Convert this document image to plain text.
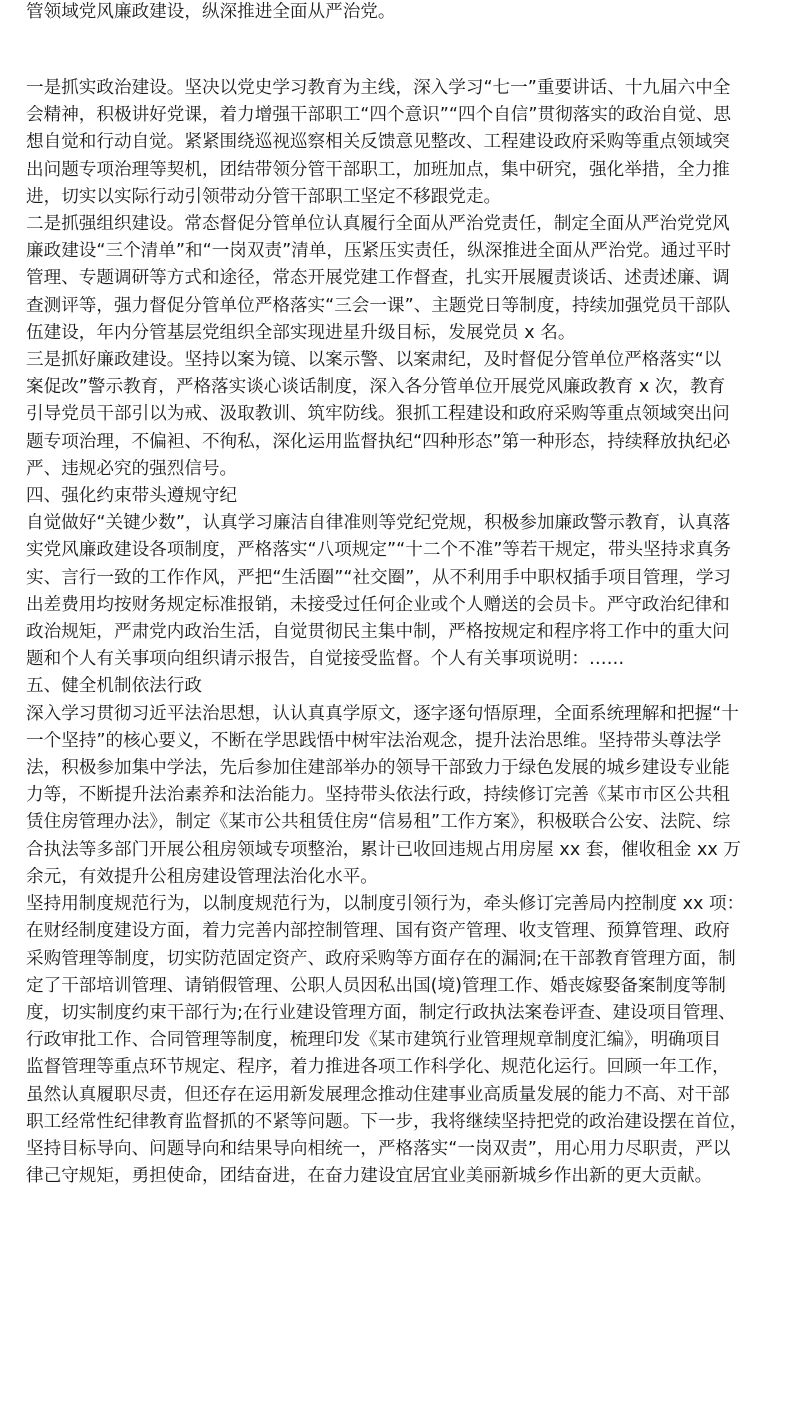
管领域党风廉政建设，纵深推进全面从严治党。
一是抓实政治建设。坚决以党史学习教育为主线，深入学习“七一”重要讲话、十九届六中全
会精神，积极讲好党课，着力增强干部职工“四个意识”“四个自信”贯彻落实的政治自觉、思
想自觉和行动自觉。紧紧围绕巡视巡察相关反馈意见整改、工程建设政府采购等重点领域突
出问题专项治理等契机，团结带领分管干部职工，加班加点，集中研究，强化举措，全力推
进，切实以实际行动引领带动分管干部职工坚定不移跟党走。
二是抓强组织建设。常态督促分管单位认真履行全面从严治党责任，制定全面从严治党党风
廉政建设“三个清单”和“一岗双责”清单，压紧压实责任，纵深推进全面从严治党。通过平时
管理、专题调研等方式和途径，常态开展党建工作督查，扎实开展履责谈话、述责述廉、调
查测评等，强力督促分管单位严格落实“三会一课”、主题党日等制度，持续加强党员干部队
伍建设，年内分管基层党组织全部实现进星升级目标，发展党员 x 名。
三是抓好廉政建设。坚持以案为镜、以案示警、以案肃纪，及时督促分管单位严格落实“以
案促改”警示教育，严格落实谈心谈话制度，深入各分管单位开展党风廉政教育 x 次，教育
引导党员干部引以为戒、汲取教训、筑牢防线。狠抓工程建设和政府采购等重点领域突出问
题专项治理，不偏袒、不徇私，深化运用监督执纪“四种形态”第一种形态，持续释放执纪必
严、违规必究的强烈信号。
四、强化约束带头遵规守纪
自觉做好“关键少数”，认真学习廉洁自律准则等党纪党规，积极参加廉政警示教育，认真落
实党风廉政建设各项制度，严格落实“八项规定”“十二个不准”等若干规定，带头坚持求真务
实、言行一致的工作作风，严把“生活圈”“社交圈”，从不利用手中职权插手项目管理，学习
出差费用均按财务规定标准报销，未接受过任何企业或个人赠送的会员卡。严守政治纪律和
政治规矩，严肃党内政治生活，自觉贯彻民主集中制，严格按规定和程序将工作中的重大问
题和个人有关事项向组织请示报告，自觉接受监督。个人有关事项说明：……
五、健全机制依法行政
深入学习贯彻习近平法治思想，认认真真学原文，逐字逐句悟原理，全面系统理解和把握“十
一个坚持”的核心要义，不断在学思践悟中树牢法治观念，提升法治思维。坚持带头尊法学
法，积极参加集中学法，先后参加住建部举办的领导干部致力于绿色发展的城乡建设专业能
力等，不断提升法治素养和法治能力。坚持带头依法行政，持续修订完善《某市市区公共租
赁住房管理办法》，制定《某市公共租赁住房“信易租”工作方案》，积极联合公安、法院、综
合执法等多部门开展公租房领域专项整治，累计已收回违规占用房屋 xx 套，催收租金 xx 万
余元，有效提升公租房建设管理法治化水平。
坚持用制度规范行为，以制度规范行为，以制度引领行为，牵头修订完善局内控制度 xx 项：
在财经制度建设方面，着力完善内部控制管理、国有资产管理、收支管理、预算管理、政府
采购管理等制度，切实防范固定资产、政府采购等方面存在的漏洞;在干部教育管理方面，制
定了干部培训管理、请销假管理、公职人员因私出国(境)管理工作、婚丧嫁娶备案制度等制
度，切实制度约束干部行为;在行业建设管理方面，制定行政执法案卷评查、建设项目管理、
行政审批工作、合同管理等制度，梳理印发《某市建筑行业管理规章制度汇编》，明确项目
监督管理等重点环节规定、程序，着力推进各项工作科学化、规范化运行。回顾一年工作，
虽然认真履职尽责，但还存在运用新发展理念推动住建事业高质量发展的能力不高、对干部
职工经常性纪律教育监督抓的不紧等问题。下一步，我将继续坚持把党的政治建设摆在首位，
坚持目标导向、问题导向和结果导向相统一，严格落实“一岗双责”，用心用力尽职责，严以
律己守规矩，勇担使命，团结奋进，在奋力建设宜居宜业美丽新城乡作出新的更大贡献。
